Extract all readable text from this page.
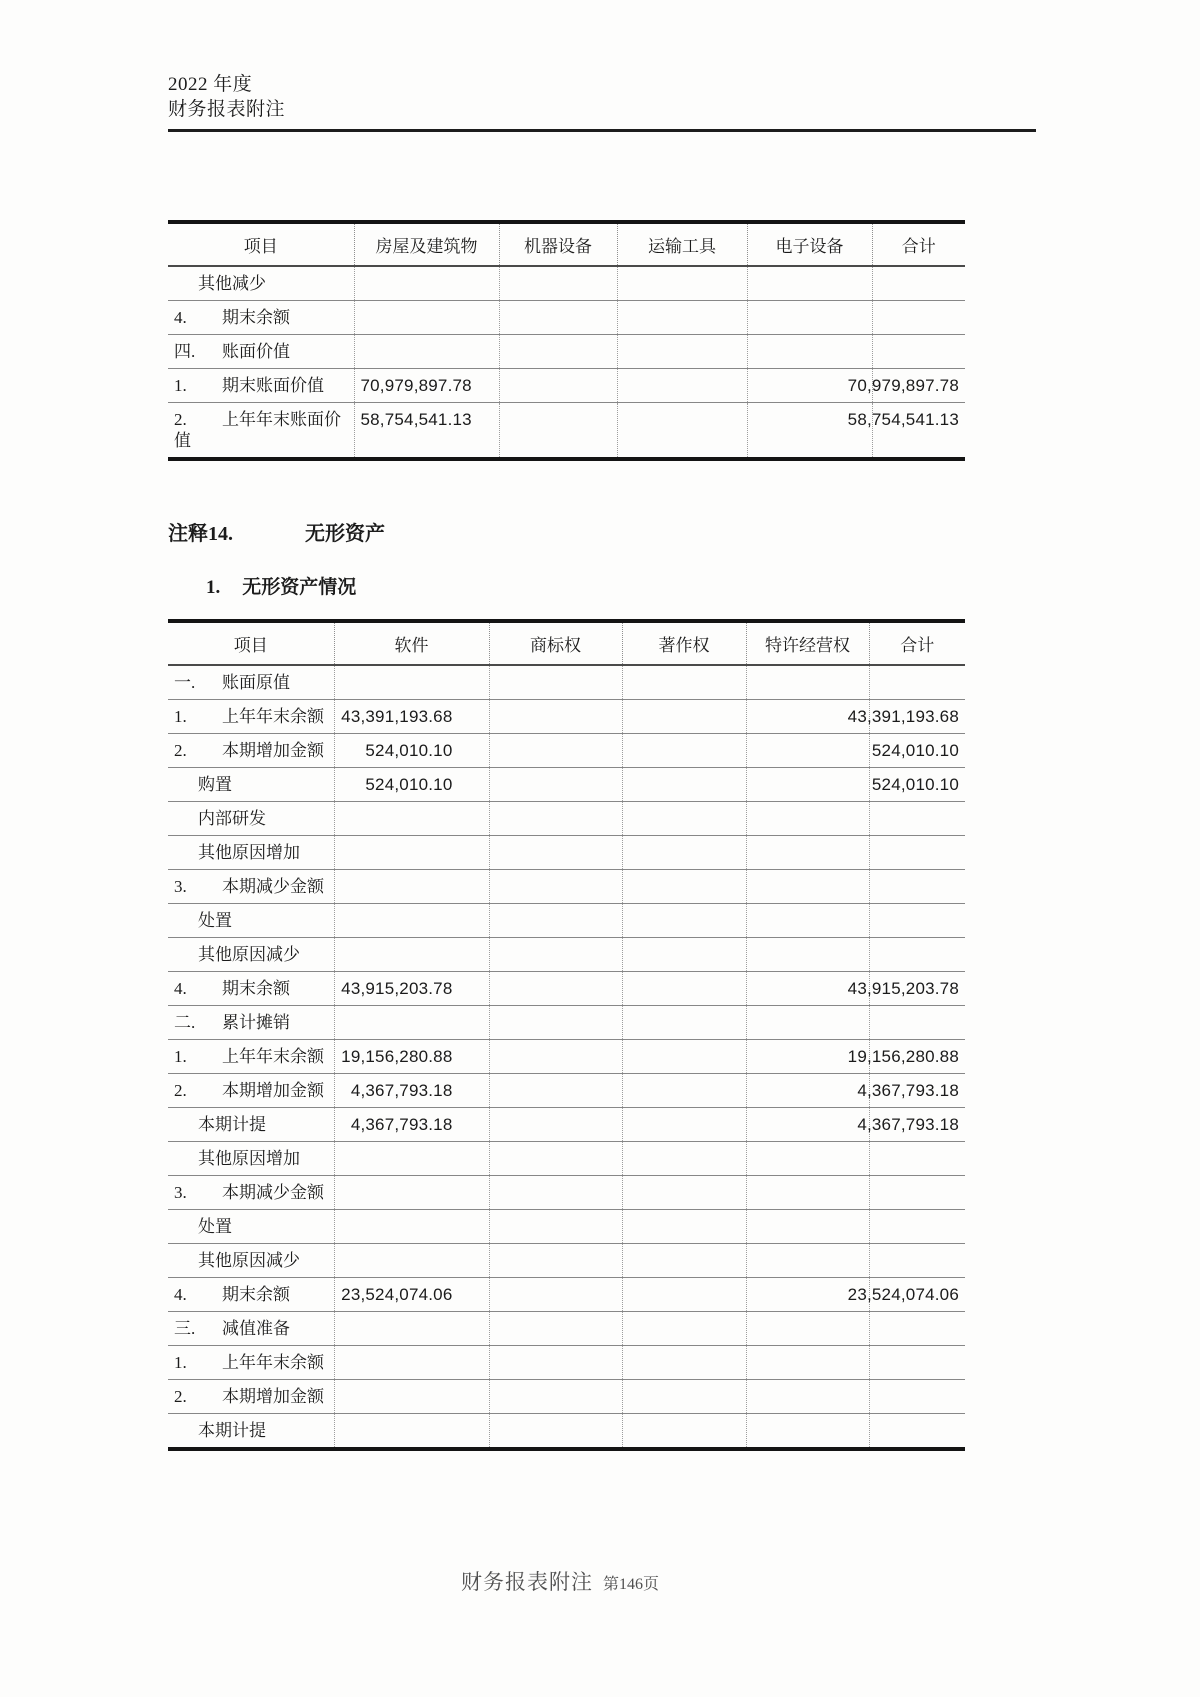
2022 年度
财务报表附注
项目	房屋及建筑物	机器设备	运输工具	电子设备	合计
其他减少					
4. 期末余额					
四. 账面价值					
1. 期末账面价值	70,979,897.78				70,979,897.78
2. 上年年末账面价值	58,754,541.13				58,754,541.13
注释14.	无形资产
1. 无形资产情况
项目	软件	商标权	著作权	特许经营权	合计
一. 账面原值					
1. 上年年末余额	43,391,193.68				43,391,193.68
2. 本期增加金额	524,010.10				524,010.10
购置	524,010.10				524,010.10
内部研发					
其他原因增加					
3. 本期减少金额					
处置					
其他原因减少					
4. 期末余额	43,915,203.78				43,915,203.78
二. 累计摊销					
1. 上年年末余额	19,156,280.88				19,156,280.88
2. 本期增加金额	4,367,793.18				4,367,793.18
本期计提	4,367,793.18				4,367,793.18
其他原因增加					
3. 本期减少金额					
处置					
其他原因减少					
4. 期末余额	23,524,074.06				23,524,074.06
三. 减值准备					
1. 上年年末余额					
2. 本期增加金额					
本期计提					
财务报表附注 第146页
